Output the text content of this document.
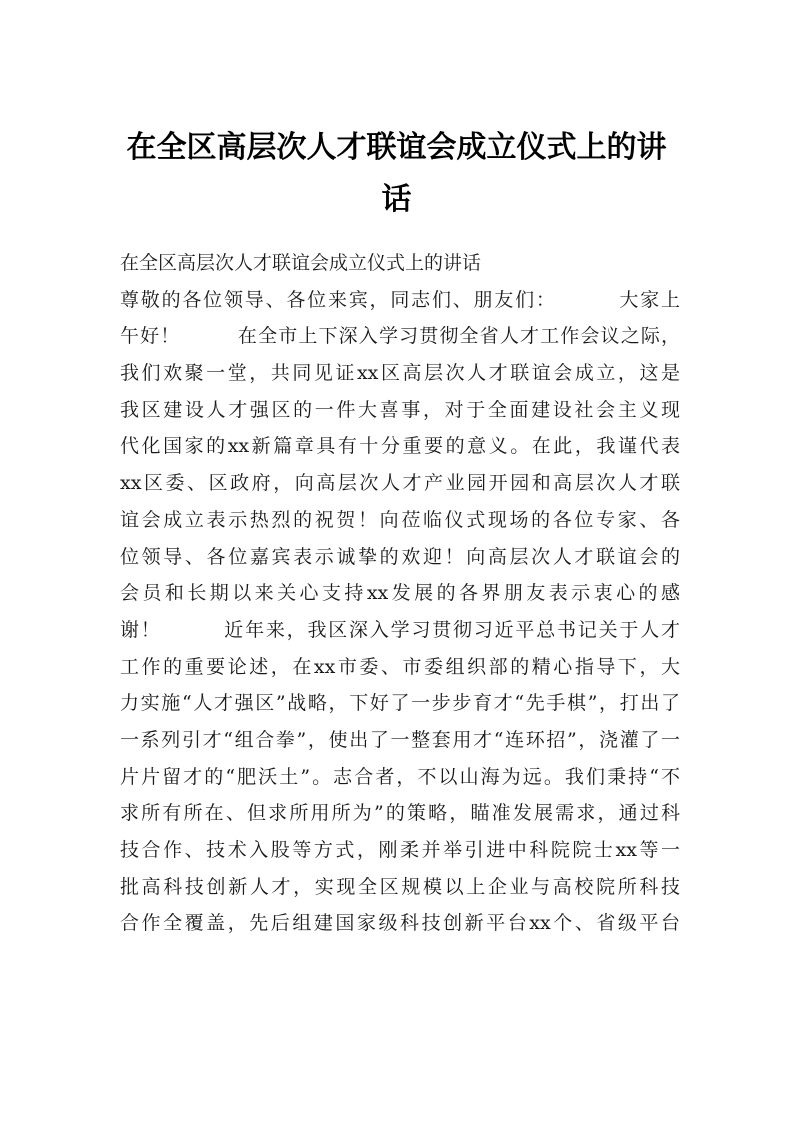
在全区高层次人才联谊会成立仪式上的讲
话
在全区高层次人才联谊会成立仪式上的讲话
尊敬的各位领导、各位来宾，同志们、朋友们：        大家上
午好！        在全市上下深入学习贯彻全省人才工作会议之际，
我们欢聚一堂，共同见证xx区高层次人才联谊会成立，这是
我区建设人才强区的一件大喜事，对于全面建设社会主义现
代化国家的xx新篇章具有十分重要的意义。在此，我谨代表
xx区委、区政府，向高层次人才产业园开园和高层次人才联
谊会成立表示热烈的祝贺！向莅临仪式现场的各位专家、各
位领导、各位嘉宾表示诚挚的欢迎！向高层次人才联谊会的
会员和长期以来关心支持xx发展的各界朋友表示衷心的感
谢！        近年来，我区深入学习贯彻习近平总书记关于人才
工作的重要论述，在xx市委、市委组织部的精心指导下，大
力实施“人才强区”战略，下好了一步步育才“先手棋”，打出了
一系列引才“组合拳”，使出了一整套用才“连环招”，浇灌了一
片片留才的“肥沃土”。志合者，不以山海为远。我们秉持“不
求所有所在、但求所用所为”的策略，瞄准发展需求，通过科
技合作、技术入股等方式，刚柔并举引进中科院院士xx等一
批高科技创新人才，实现全区规模以上企业与高校院所科技
合作全覆盖，先后组建国家级科技创新平台xx个、省级平台
